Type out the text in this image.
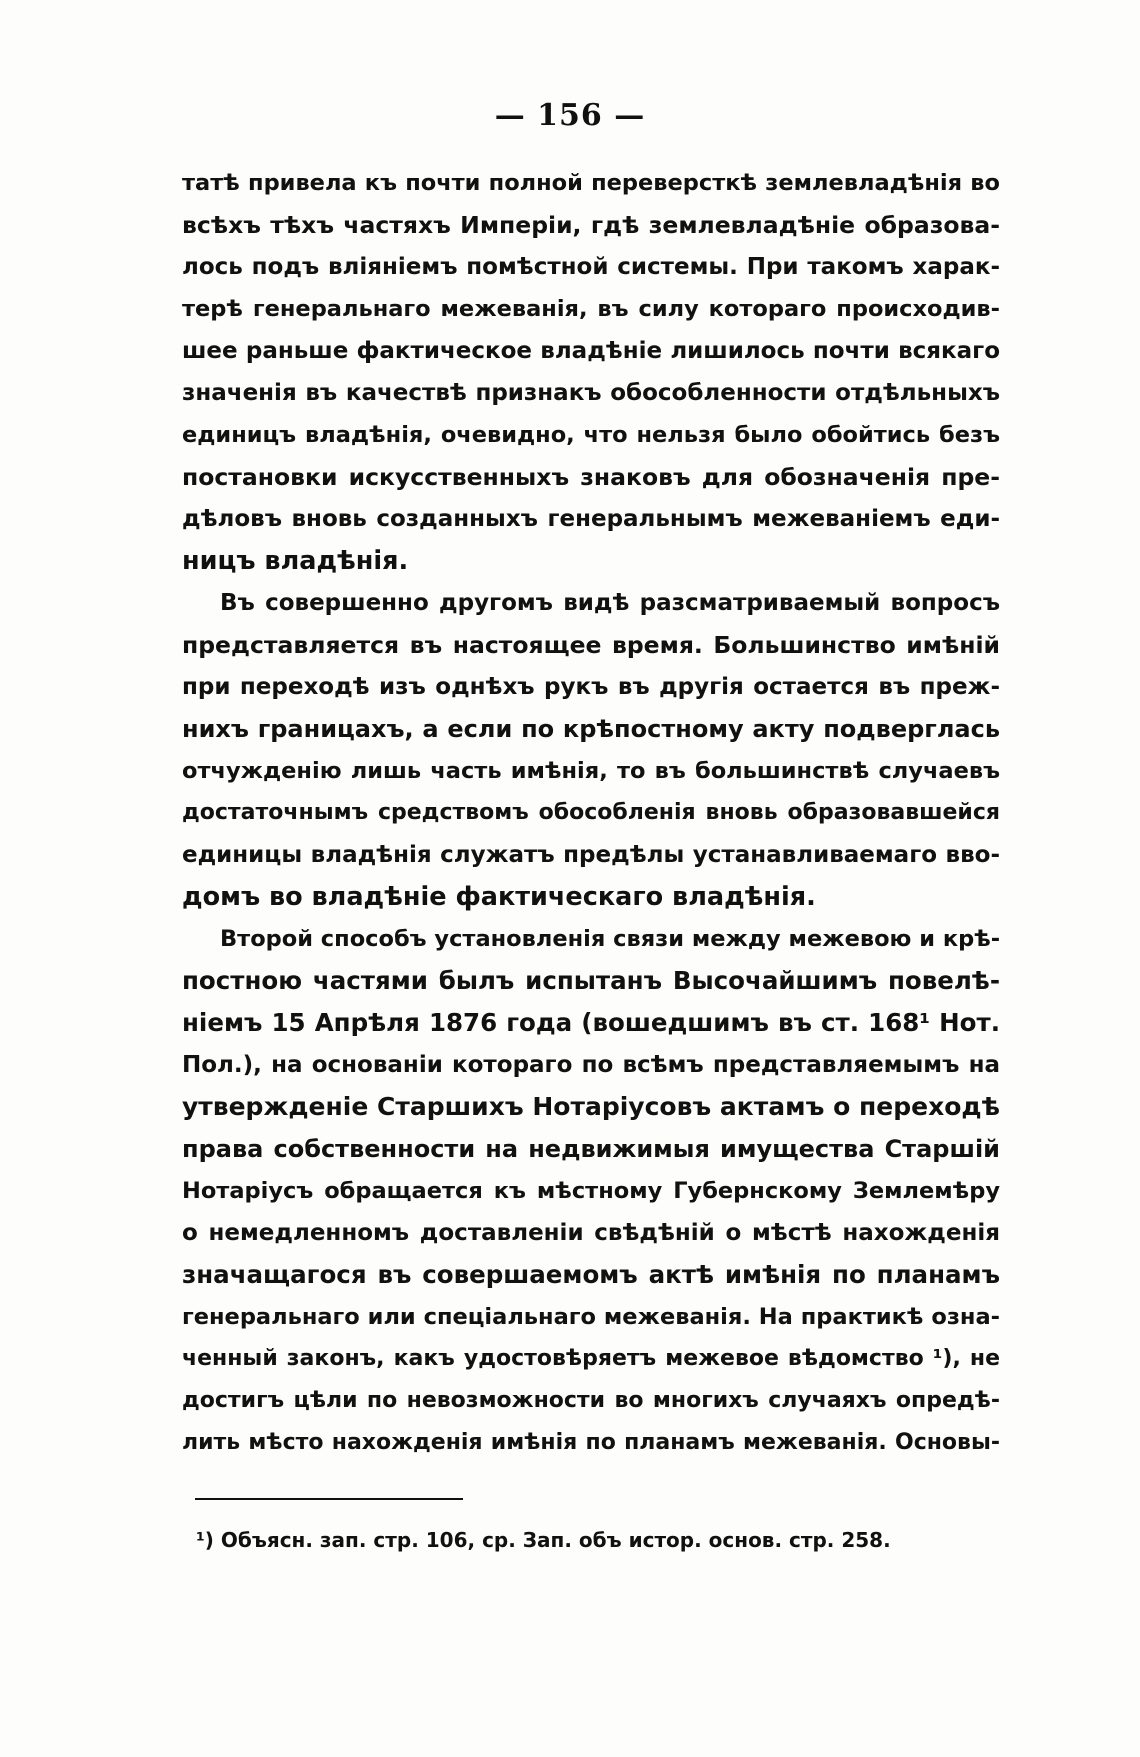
— 156 —
татѣ привела къ почти полной переверсткѣ землевладѣнія во
всѣхъ тѣхъ частяхъ Имперіи, гдѣ землевладѣніе образова-
лось подъ вліяніемъ помѣстной системы. При такомъ харак-
терѣ генеральнаго межеванія, въ силу котораго происходив-
шее раньше фактическое владѣніе лишилось почти всякаго
значенія въ качествѣ признакъ обособленности отдѣльныхъ
единицъ владѣнія, очевидно, что нельзя было обойтись безъ
постановки искусственныхъ знаковъ для обозначенія пре-
дѣловъ вновь созданныхъ генеральнымъ межеваніемъ еди-
ницъ владѣнія.
Въ совершенно другомъ видѣ разсматриваемый вопросъ
представляется въ настоящее время. Большинство имѣній
при переходѣ изъ однѣхъ рукъ въ другія остается въ преж-
нихъ границахъ, а если по крѣпостному акту подверглась
отчужденію лишь часть имѣнія, то въ большинствѣ случаевъ
достаточнымъ средствомъ обособленія вновь образовавшейся
единицы владѣнія служатъ предѣлы устанавливаемаго вво-
домъ во владѣніе фактическаго владѣнія.
Второй способъ установленія связи между межевою и крѣ-
постною частями былъ испытанъ Высочайшимъ повелѣ-
ніемъ 15 Апрѣля 1876 года (вошедшимъ въ ст. 168¹ Нот.
Пол.), на основаніи котораго по всѣмъ представляемымъ на
утвержденіе Старшихъ Нотаріусовъ актамъ о переходѣ
права собственности на недвижимыя имущества Старшій
Нотаріусъ обращается къ мѣстному Губернскому Землемѣру
о немедленномъ доставленіи свѣдѣній о мѣстѣ нахожденія
значащагося въ совершаемомъ актѣ имѣнія по планамъ
генеральнаго или спеціальнаго межеванія. На практикѣ озна-
ченный законъ, какъ удостовѣряетъ межевое вѣдомство ¹), не
достигъ цѣли по невозможности во многихъ случаяхъ опредѣ-
лить мѣсто нахожденія имѣнія по планамъ межеванія. Основы-
¹) Объясн. зап. стр. 106, ср. Зап. объ истор. основ. стр. 258.
